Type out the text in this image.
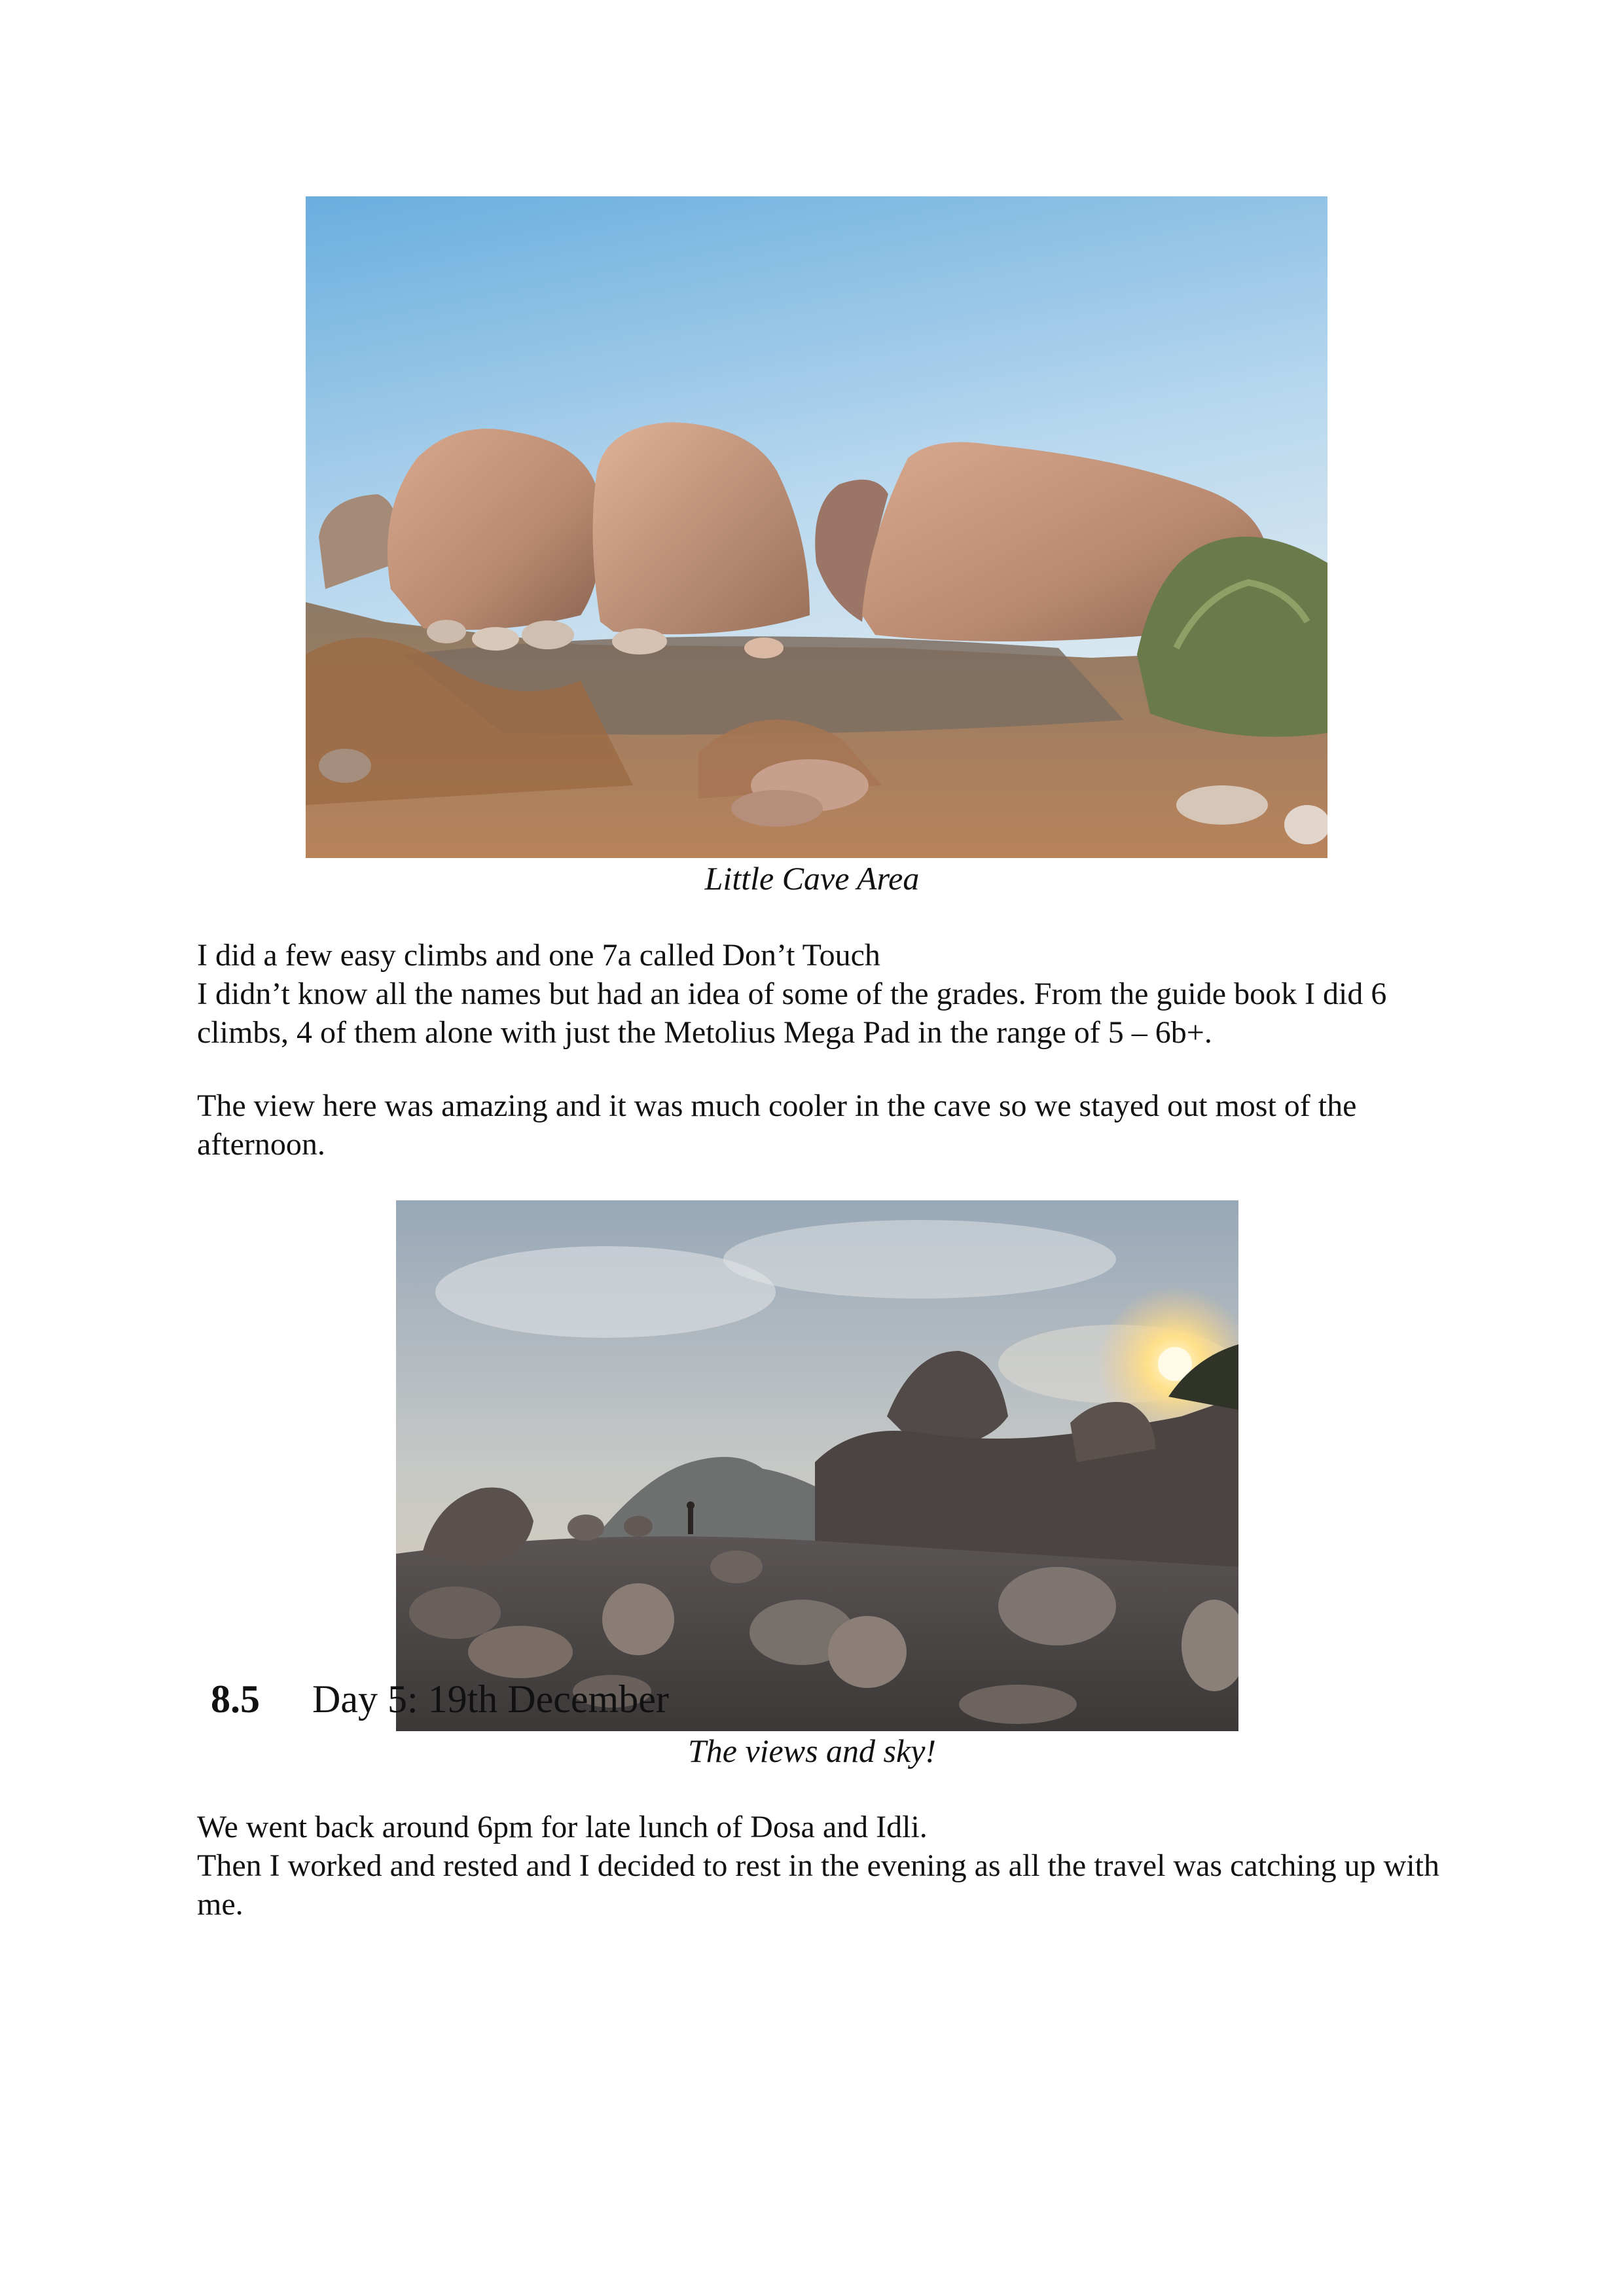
Little Cave Area

I did a few easy climbs and one 7a called Don’t Touch
I didn’t know all the names but had an idea of some of the grades. From the guide book I did 6 climbs, 4 of them alone with just the Metolius Mega Pad in the range of 5 – 6b+.
The view here was amazing and it was much cooler in the cave so we stayed out most of the afternoon.

The views and sky!

We went back around 6pm for late lunch of Dosa and Idli.
Then I worked and rested and I decided to rest in the evening as all the travel was catching up with me.
8.5 Day 5: 19th December
